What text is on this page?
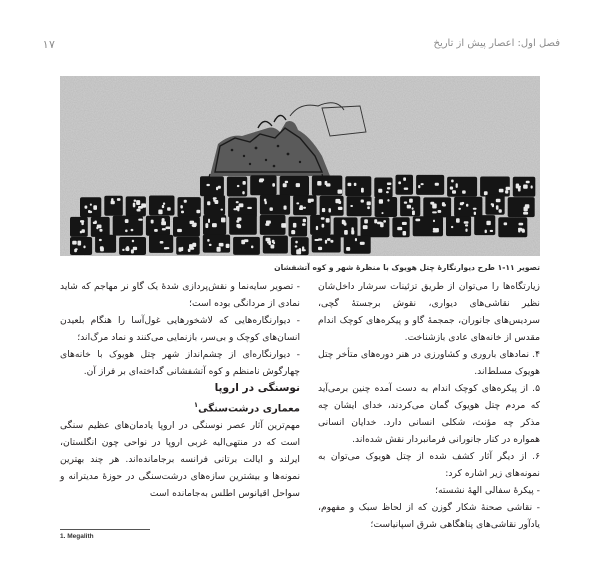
۱۷	فصل اول: اعصار پیش از تاریخ
تصویر ۱۱-۱ طرح دیوارنگارهٔ چتل هویوک با منظرهٔ شهر و کوه آتشفشان

زیارتگاه‌ها را می‌توان از طریق تزئینات سرشار داخل‌شان نظیر نقاشی‌های دیواری، نقوش برجستهٔ گچی، سردیس‌های جانوران، جمجمهٔ گاو و پیکره‌های کوچک اندام مقدس از خانه‌های عادی بازشناخت.

۴. نمادهای باروری و کشاورزی در هنر دوره‌های متأخر چتل هویوک مسلط‌اند.

۵. از پیکره‌های کوچک اندام به دست آمده چنین برمی‌آید که مردم چتل هویوک گمان می‌کردند، خدای ایشان چه مذکر چه مؤنث، شکلی انسانی دارد. خدایان انسانی همواره در کنار جانورانی فرمانبردار نقش شده‌اند.

۶. از دیگر آثار کشف شده از چتل هویوک می‌توان به نمونه‌های زیر اشاره کرد:

- پیکرهٔ سفالی الههٔ نشسته؛

- نقاشی صحنهٔ شکار گوزن که از لحاظ سبک و مفهوم، یادآور نقاشی‌های پناهگاهی شرق اسپانیاست؛

- تصویر سایه‌نما و نقش‌پردازی شدهٔ یک گاو نر مهاجم که شاید نمادی از مردانگی بوده است؛

- دیوارنگاره‌هایی که لاشخورهایی غول‌آسا را هنگام بلعیدن انسان‌های کوچک و بی‌سر، بازنمایی می‌کنند و نماد مرگ‌اند؛

- دیوارنگاره‌ای از چشم‌انداز شهر چتل هویوک با خانه‌های چهارگوش نامنظم و کوه آتشفشانی گداخته‌ای بر فراز آن.

نوسنگی در اروپا

معماری درشت‌سنگی$^۱$

مهم‌ترین آثار عصر نوسنگی در اروپا یادمان‌های عظیم سنگی است که در منتهی‌الیه غربی اروپا در نواحی چون انگلستان، ایرلند و ایالت برتانی فرانسه برجامانده‌اند. هر چند بهترین نمونه‌ها و بیشترین سازه‌های درشت‌سنگی در حوزهٔ مدیترانه و سواحل اقیانوس اطلس به‌جامانده است

1. Megalith
